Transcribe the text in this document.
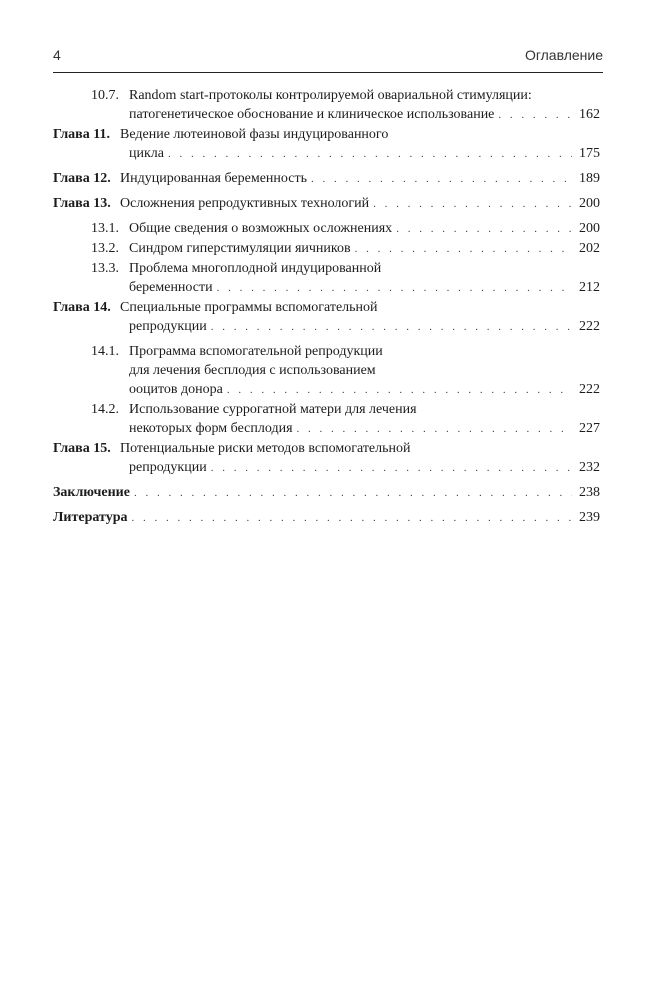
4	Оглавление
10.7. Random start-протоколы контролируемой овариальной стимуляции:
патогенетическое обоснование и клиническое использование . . .	162
Глава 11. Ведение лютеиновой фазы индуцированного
цикла . . .	175
Глава 12. Индуцированная беременность . . .	189
Глава 13. Осложнения репродуктивных технологий . . .	200
13.1. Общие сведения о возможных осложнениях . . .	200
13.2. Синдром гиперстимуляции яичников . . .	202
13.3. Проблема многоплодной индуцированной
беременности . . .	212
Глава 14. Специальные программы вспомогательной
репродукции . . .	222
14.1. Программа вспомогательной репродукции
для лечения бесплодия с использованием
ооцитов донора . . .	222
14.2. Использование суррогатной матери для лечения
некоторых форм бесплодия . . .	227
Глава 15. Потенциальные риски методов вспомогательной
репродукции . . .	232
Заключение . . .	238
Литература . . .	239
